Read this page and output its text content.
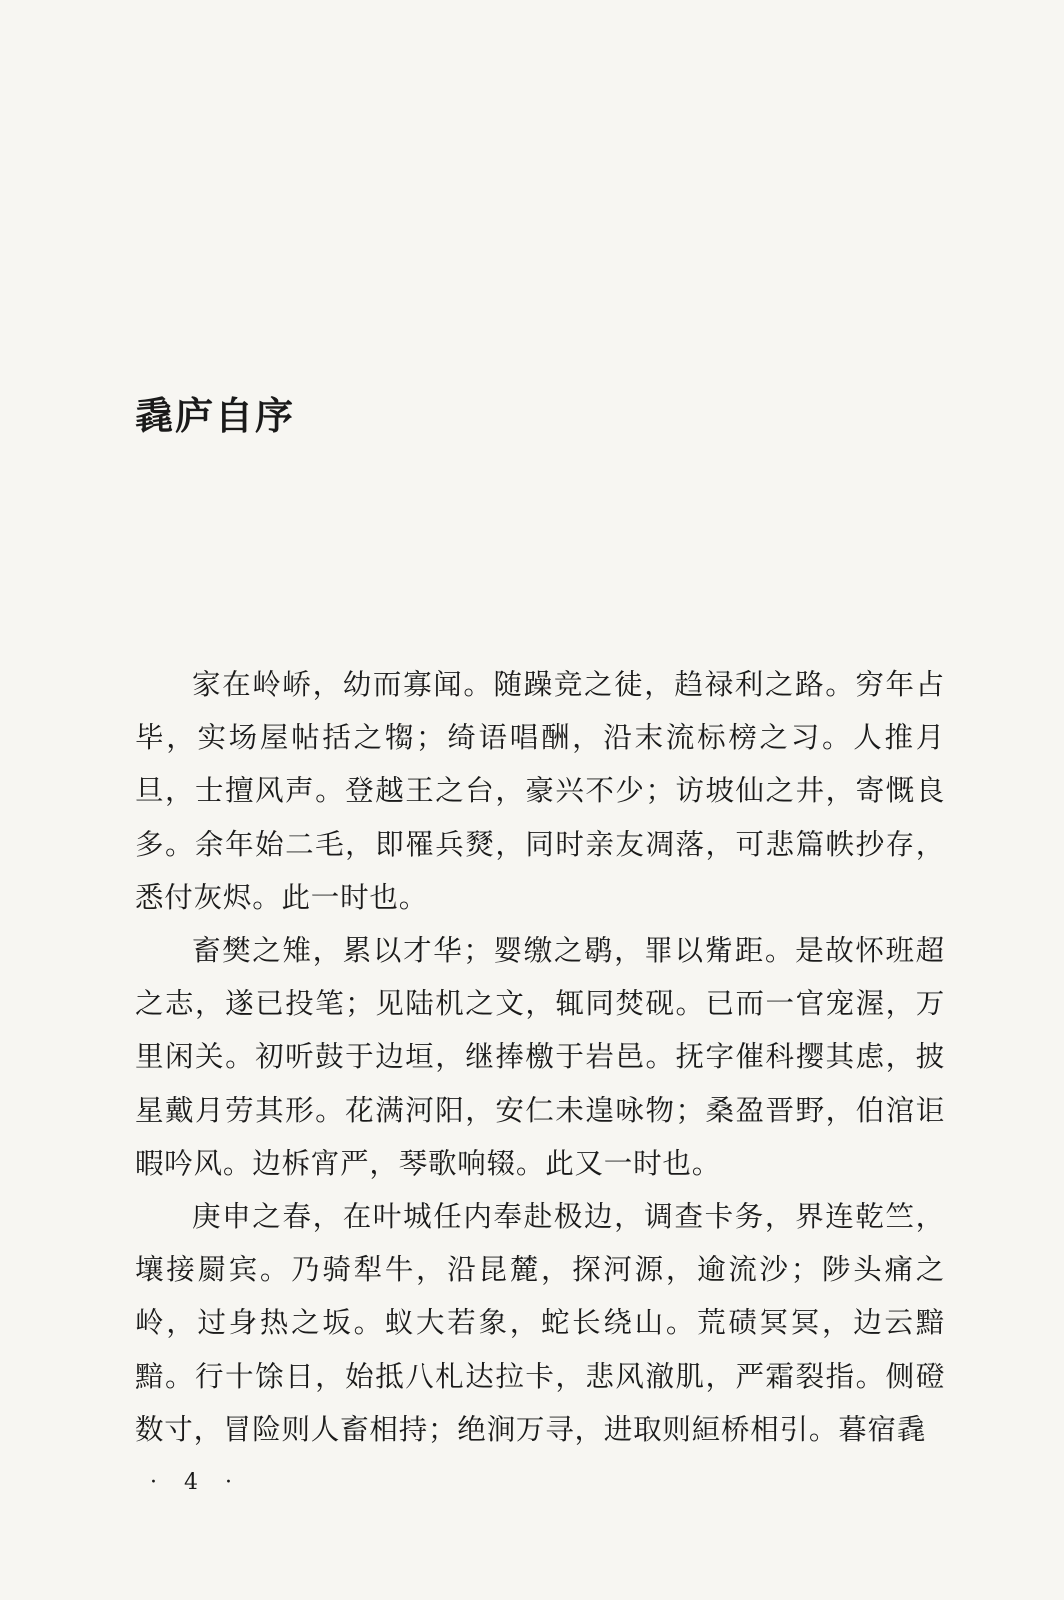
毳庐自序

家在岭峤，幼而寡闻。随躁竞之徒，趋禄利之路。穷年占毕，实场屋帖括之犓；绮语唱酬，沿末流标榜之习。人推月旦，士擅风声。登越王之台，豪兴不少；访坡仙之井，寄慨良多。余年始二毛，即罹兵燹，同时亲友凋落，可悲篇帙抄存，悉付灰烬。此一时也。

畜樊之雉，累以才华；婴缴之鹖，罪以觜距。是故怀班超之志，遂已投笔；见陆机之文，辄同焚砚。已而一官宠渥，万里闲关。初听鼓于边垣，继捧檄于岩邑。抚字催科撄其虑，披星戴月劳其形。花满河阳，安仁未遑咏物；桑盈晋野，伯涫讵暇吟风。边柝宵严，琴歌响辍。此又一时也。

庚申之春，在叶城任内奉赴极边，调查卡务，界连乾竺，壤接罽宾。乃骑犁牛，沿昆麓，探河源，逾流沙；陟头痛之岭，过身热之坂。蚁大若象，蛇长绕山。荒碛冥冥，边云黯黯。行十馀日，始抵八札达拉卡，悲风澈肌，严霜裂指。侧磴数寸，冒险则人畜相持；绝涧万寻，进取则絙桥相引。暮宿毳

· 4 ·
